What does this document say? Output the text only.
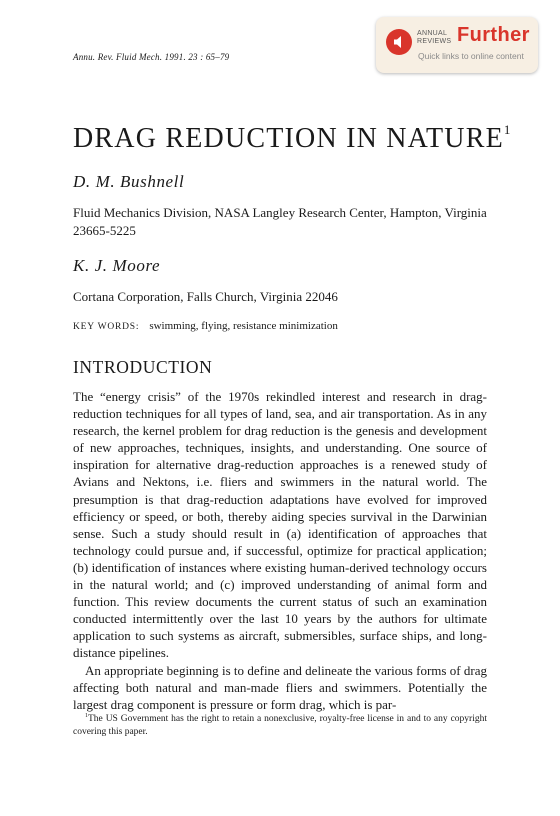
Annu. Rev. Fluid Mech. 1991. 23 : 65–79
ANNUAL REVIEWS Further
Quick links to online content
DRAG REDUCTION IN NATURE$^1$
D. M. Bushnell

Fluid Mechanics Division, NASA Langley Research Center, Hampton, Virginia 23665-5225

K. J. Moore

Cortana Corporation, Falls Church, Virginia 22046

KEY WORDS: swimming, flying, resistance minimization
INTRODUCTION

The “energy crisis” of the 1970s rekindled interest and research in drag-reduction techniques for all types of land, sea, and air transportation. As in any research, the kernel problem for drag reduction is the genesis and development of new approaches, techniques, insights, and understanding. One source of inspiration for alternative drag-reduction approaches is a renewed study of Avians and Nektons, i.e. fliers and swimmers in the natural world. The presumption is that drag-reduction adaptations have evolved for improved efficiency or speed, or both, thereby aiding species survival in the Darwinian sense. Such a study should result in (a) identification of approaches that technology could pursue and, if successful, optimize for practical application; (b) identification of instances where existing human-derived technology occurs in the natural world; and (c) improved understanding of animal form and function. This review documents the current status of such an examination conducted intermittently over the last 10 years by the authors for ultimate application to such systems as aircraft, submersibles, surface ships, and long-distance pipelines.

An appropriate beginning is to define and delineate the various forms of drag affecting both natural and man-made fliers and swimmers. Potentially the largest drag component is pressure or form drag, which is par-

$^1$The US Government has the right to retain a nonexclusive, royalty-free license in and to any copyright covering this paper.
